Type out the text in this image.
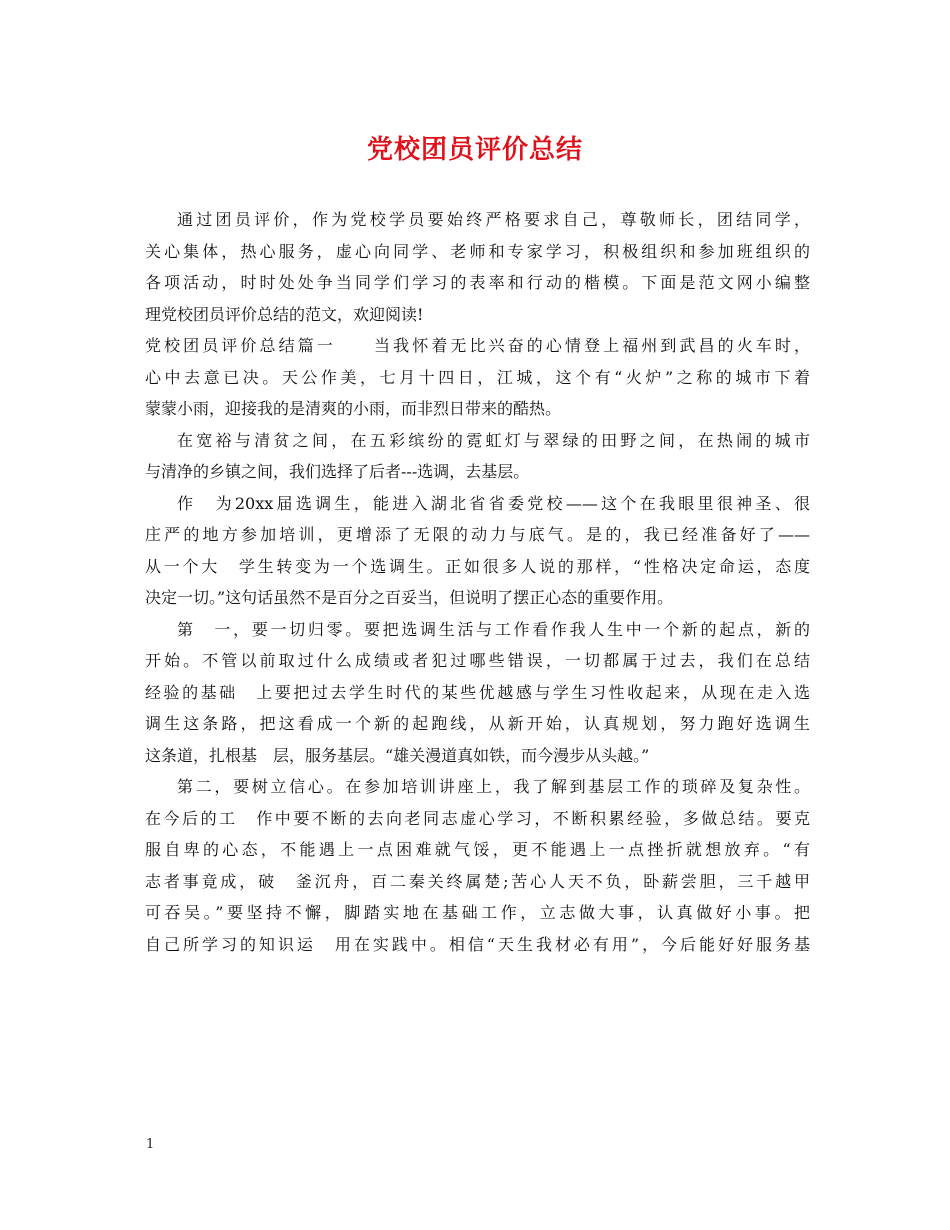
党校团员评价总结
通过团员评价，作为党校学员要始终严格要求自己，尊敬师长，团结同学，
关心集体，热心服务，虚心向同学、老师和专家学习，积极组织和参加班组织的
各项活动，时时处处争当同学们学习的表率和行动的楷模。下面是范文网小编整
理党校团员评价总结的范文，欢迎阅读!
党校团员评价总结篇一　　当我怀着无比兴奋的心情登上福州到武昌的火车时，
心中去意已决。天公作美，七月十四日，江城，这个有“火炉”之称的城市下着
蒙蒙小雨，迎接我的是清爽的小雨，而非烈日带来的酷热。
在宽裕与清贫之间，在五彩缤纷的霓虹灯与翠绿的田野之间，在热闹的城市
与清净的乡镇之间，我们选择了后者---选调，去基层。
作　为20xx届选调生，能进入湖北省省委党校——这个在我眼里很神圣、很
庄严的地方参加培训，更增添了无限的动力与底气。是的，我已经准备好了——
从一个大　学生转变为一个选调生。正如很多人说的那样，“性格决定命运，态度
决定一切。”这句话虽然不是百分之百妥当，但说明了摆正心态的重要作用。
第　一，要一切归零。要把选调生活与工作看作我人生中一个新的起点，新的
开始。不管以前取过什么成绩或者犯过哪些错误，一切都属于过去，我们在总结
经验的基础　上要把过去学生时代的某些优越感与学生习性收起来，从现在走入选
调生这条路，把这看成一个新的起跑线，从新开始，认真规划，努力跑好选调生
这条道，扎根基　层，服务基层。“雄关漫道真如铁，而今漫步从头越。”
第二，要树立信心。在参加培训讲座上，我了解到基层工作的琐碎及复杂性。
在今后的工　作中要不断的去向老同志虚心学习，不断积累经验，多做总结。要克
服自卑的心态，不能遇上一点困难就气馁，更不能遇上一点挫折就想放弃。“有
志者事竟成，破　釜沉舟，百二秦关终属楚;苦心人天不负，卧薪尝胆，三千越甲
可吞吴。”要坚持不懈，脚踏实地在基础工作，立志做大事，认真做好小事。把
自己所学习的知识运　用在实践中。相信“天生我材必有用”，今后能好好服务基
1
